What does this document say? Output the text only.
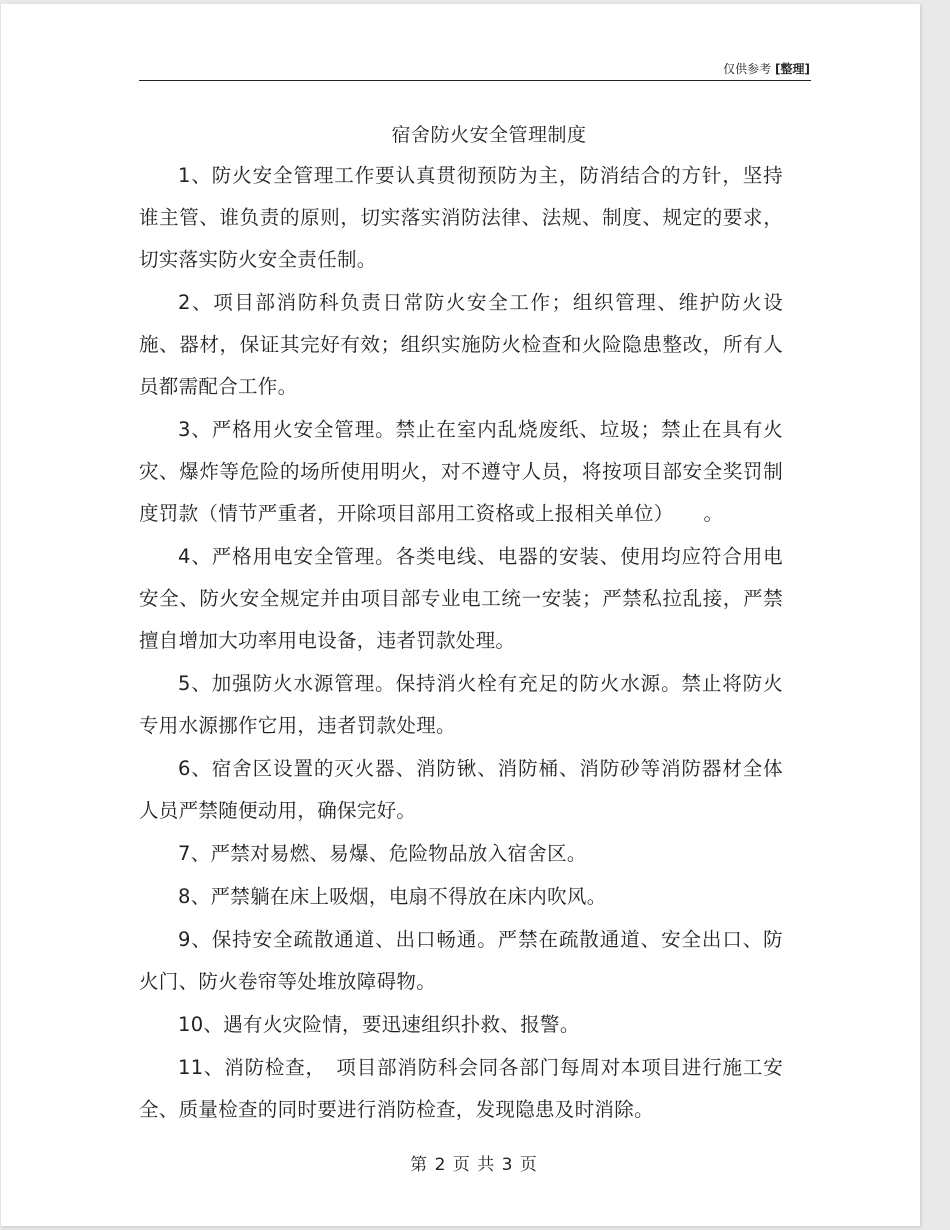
仅供参考 [整理]
宿舍防火安全管理制度

1、防火安全管理工作要认真贯彻预防为主，防消结合的方针，坚持谁主管、谁负责的原则，切实落实消防法律、法规、制度、规定的要求，切实落实防火安全责任制。

2、项目部消防科负责日常防火安全工作；组织管理、维护防火设施、器材，保证其完好有效；组织实施防火检查和火险隐患整改，所有人员都需配合工作。

3、严格用火安全管理。禁止在室内乱烧废纸、垃圾；禁止在具有火灾、爆炸等危险的场所使用明火，对不遵守人员，将按项目部安全奖罚制度罚款（情节严重者，开除项目部用工资格或上报相关单位）　　。

4、严格用电安全管理。各类电线、电器的安装、使用均应符合用电安全、防火安全规定并由项目部专业电工统一安装；严禁私拉乱接，严禁擅自增加大功率用电设备，违者罚款处理。

5、加强防火水源管理。保持消火栓有充足的防火水源。禁止将防火专用水源挪作它用，违者罚款处理。

6、宿舍区设置的灭火器、消防锹、消防桶、消防砂等消防器材全体人员严禁随便动用，确保完好。

7、严禁对易燃、易爆、危险物品放入宿舍区。

8、严禁躺在床上吸烟，电扇不得放在床内吹风。

9、保持安全疏散通道、出口畅通。严禁在疏散通道、安全出口、防火门、防火卷帘等处堆放障碍物。

10、遇有火灾险情，要迅速组织扑救、报警。

11、消防检查，　项目部消防科会同各部门每周对本项目进行施工安全、质量检查的同时要进行消防检查，发现隐患及时消除。

第 2 页 共 3 页
